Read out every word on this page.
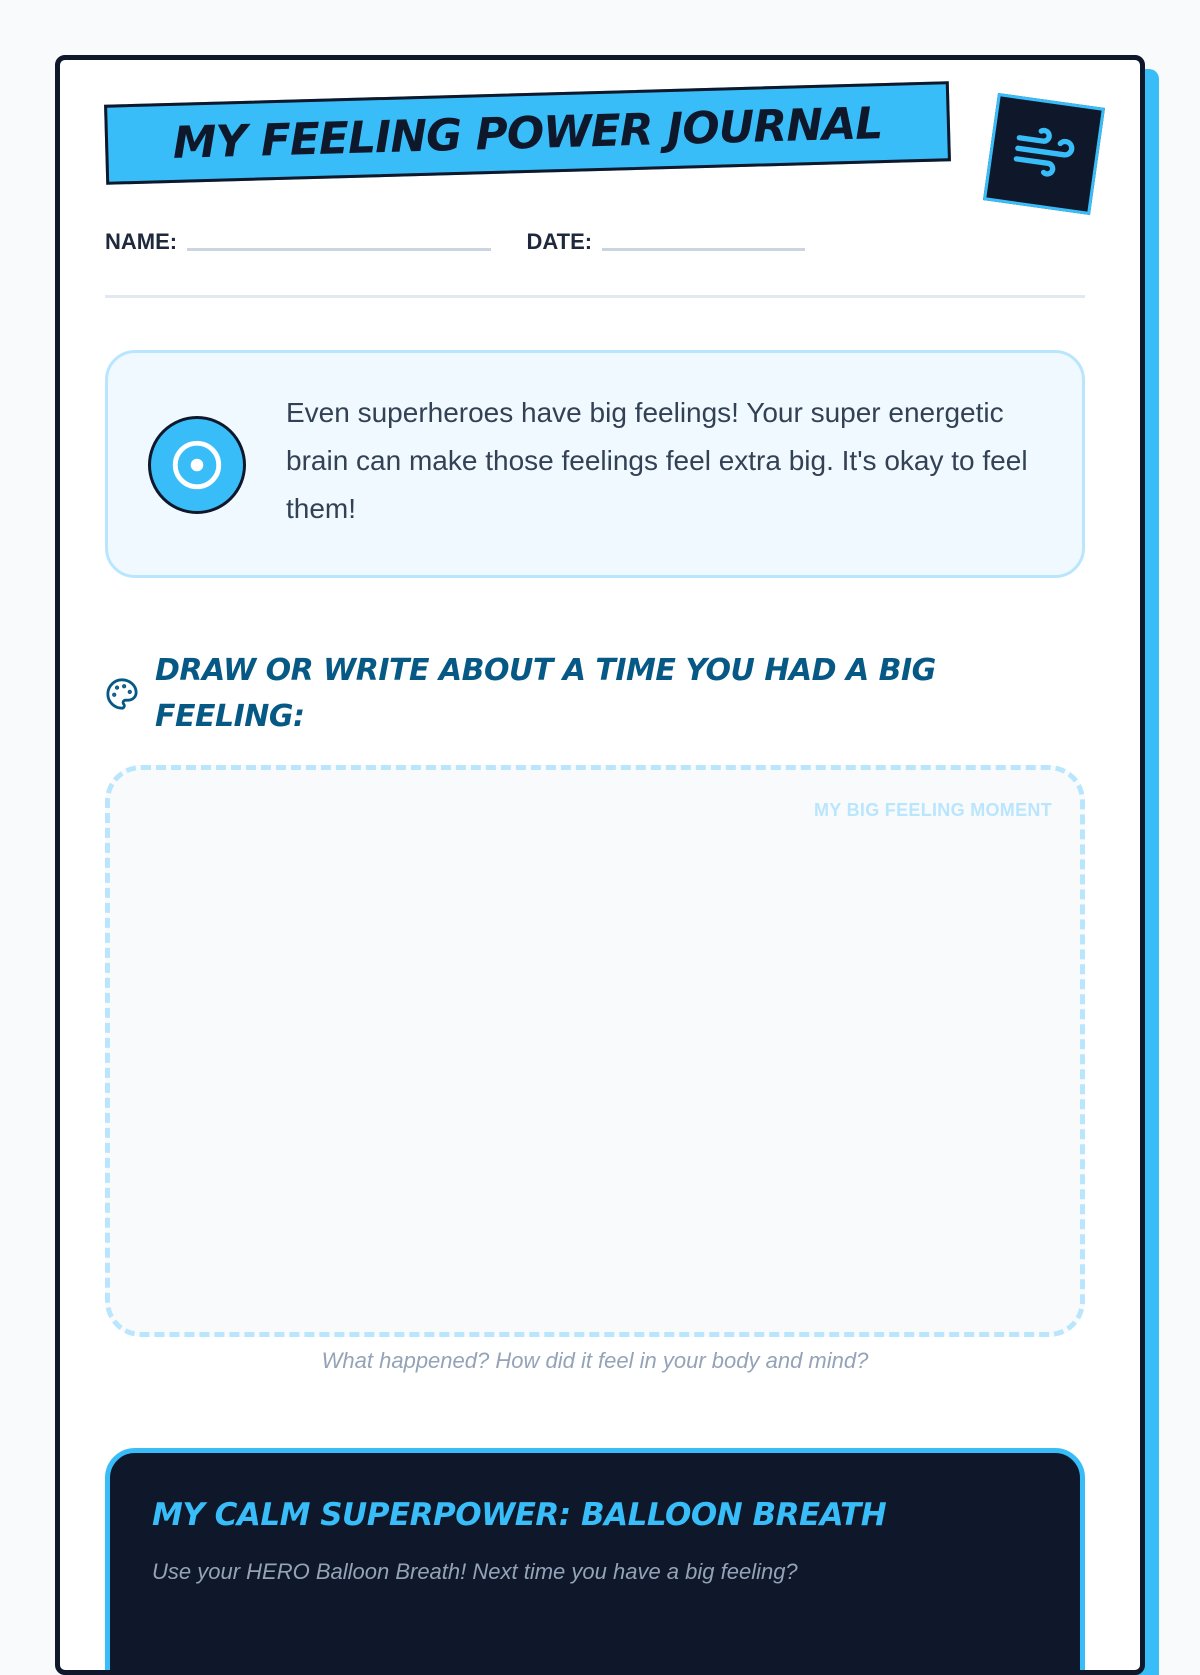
MY FEELING POWER JOURNAL
NAME:	DATE:
Even superheroes have big feelings! Your super energetic brain can make those feelings feel extra big. It's okay to feel them!
DRAW OR WRITE ABOUT A TIME YOU HAD A BIG FEELING:
MY BIG FEELING MOMENT
What happened? How did it feel in your body and mind?
MY CALM SUPERPOWER: BALLOON BREATH
Use your HERO Balloon Breath! Next time you have a big feeling?
